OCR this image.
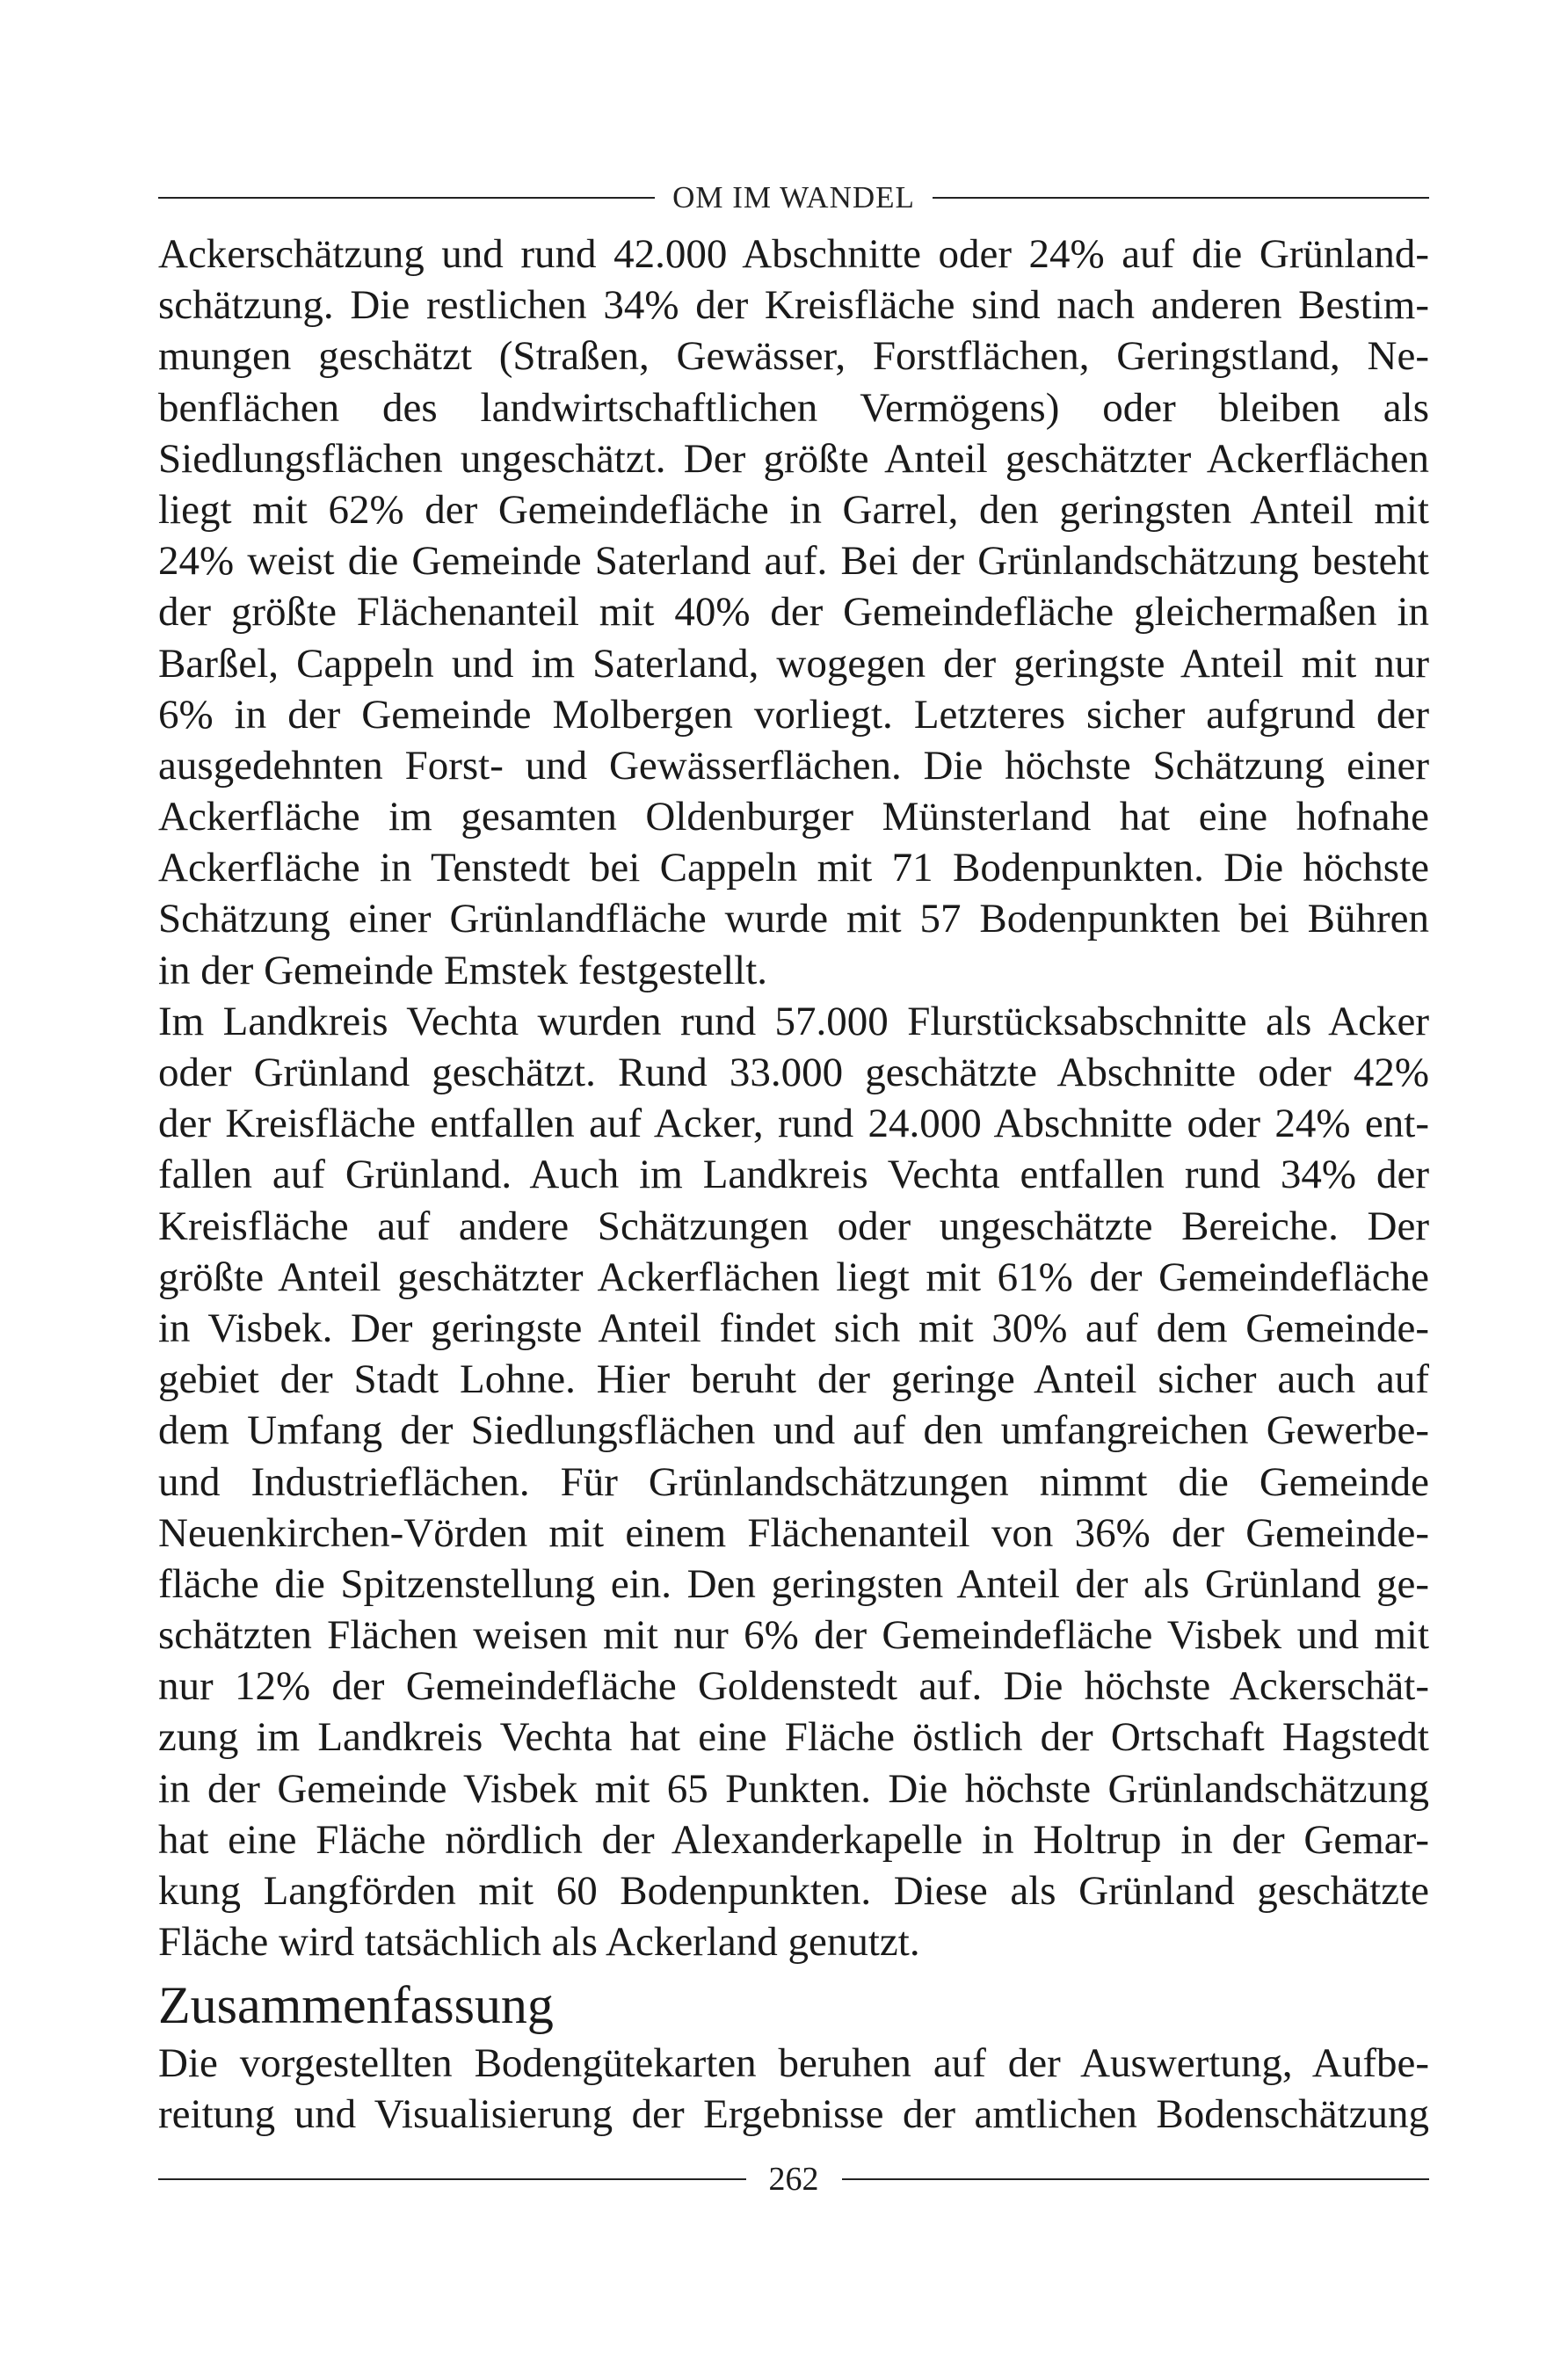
OM IM WANDEL
Ackerschätzung und rund 42.000 Abschnitte oder 24% auf die Grünland-
schätzung. Die restlichen 34% der Kreisfläche sind nach anderen Bestim-
mungen geschätzt (Straßen, Gewässer, Forstflächen, Geringstland, Ne-
benflächen des landwirtschaftlichen Vermögens) oder bleiben als
Siedlungsflächen ungeschätzt. Der größte Anteil geschätzter Ackerflächen
liegt mit 62% der Gemeindefläche in Garrel, den geringsten Anteil mit
24% weist die Gemeinde Saterland auf. Bei der Grünlandschätzung besteht
der größte Flächenanteil mit 40% der Gemeindefläche gleichermaßen in
Barßel, Cappeln und im Saterland, wogegen der geringste Anteil mit nur
6% in der Gemeinde Molbergen vorliegt. Letzteres sicher aufgrund der
ausgedehnten Forst- und Gewässerflächen. Die höchste Schätzung einer
Ackerfläche im gesamten Oldenburger Münsterland hat eine hofnahe
Ackerfläche in Tenstedt bei Cappeln mit 71 Bodenpunkten. Die höchste
Schätzung einer Grünlandfläche wurde mit 57 Bodenpunkten bei Bühren
in der Gemeinde Emstek festgestellt.
Im Landkreis Vechta wurden rund 57.000 Flurstücksabschnitte als Acker
oder Grünland geschätzt. Rund 33.000 geschätzte Abschnitte oder 42%
der Kreisfläche entfallen auf Acker, rund 24.000 Abschnitte oder 24% ent-
fallen auf Grünland. Auch im Landkreis Vechta entfallen rund 34% der
Kreisfläche auf andere Schätzungen oder ungeschätzte Bereiche. Der
größte Anteil geschätzter Ackerflächen liegt mit 61% der Gemeindefläche
in Visbek. Der geringste Anteil findet sich mit 30% auf dem Gemeinde-
gebiet der Stadt Lohne. Hier beruht der geringe Anteil sicher auch auf
dem Umfang der Siedlungsflächen und auf den umfangreichen Gewerbe-
und Industrieflächen. Für Grünlandschätzungen nimmt die Gemeinde
Neuenkirchen-Vörden mit einem Flächenanteil von 36% der Gemeinde-
fläche die Spitzenstellung ein. Den geringsten Anteil der als Grünland ge-
schätzten Flächen weisen mit nur 6% der Gemeindefläche Visbek und mit
nur 12% der Gemeindefläche Goldenstedt auf. Die höchste Ackerschät-
zung im Landkreis Vechta hat eine Fläche östlich der Ortschaft Hagstedt
in der Gemeinde Visbek mit 65 Punkten. Die höchste Grünlandschätzung
hat eine Fläche nördlich der Alexanderkapelle in Holtrup in der Gemar-
kung Langförden mit 60 Bodenpunkten. Diese als Grünland geschätzte
Fläche wird tatsächlich als Ackerland genutzt.
Zusammenfassung
Die vorgestellten Bodengütekarten beruhen auf der Auswertung, Aufbe-
reitung und Visualisierung der Ergebnisse der amtlichen Bodenschätzung
262
